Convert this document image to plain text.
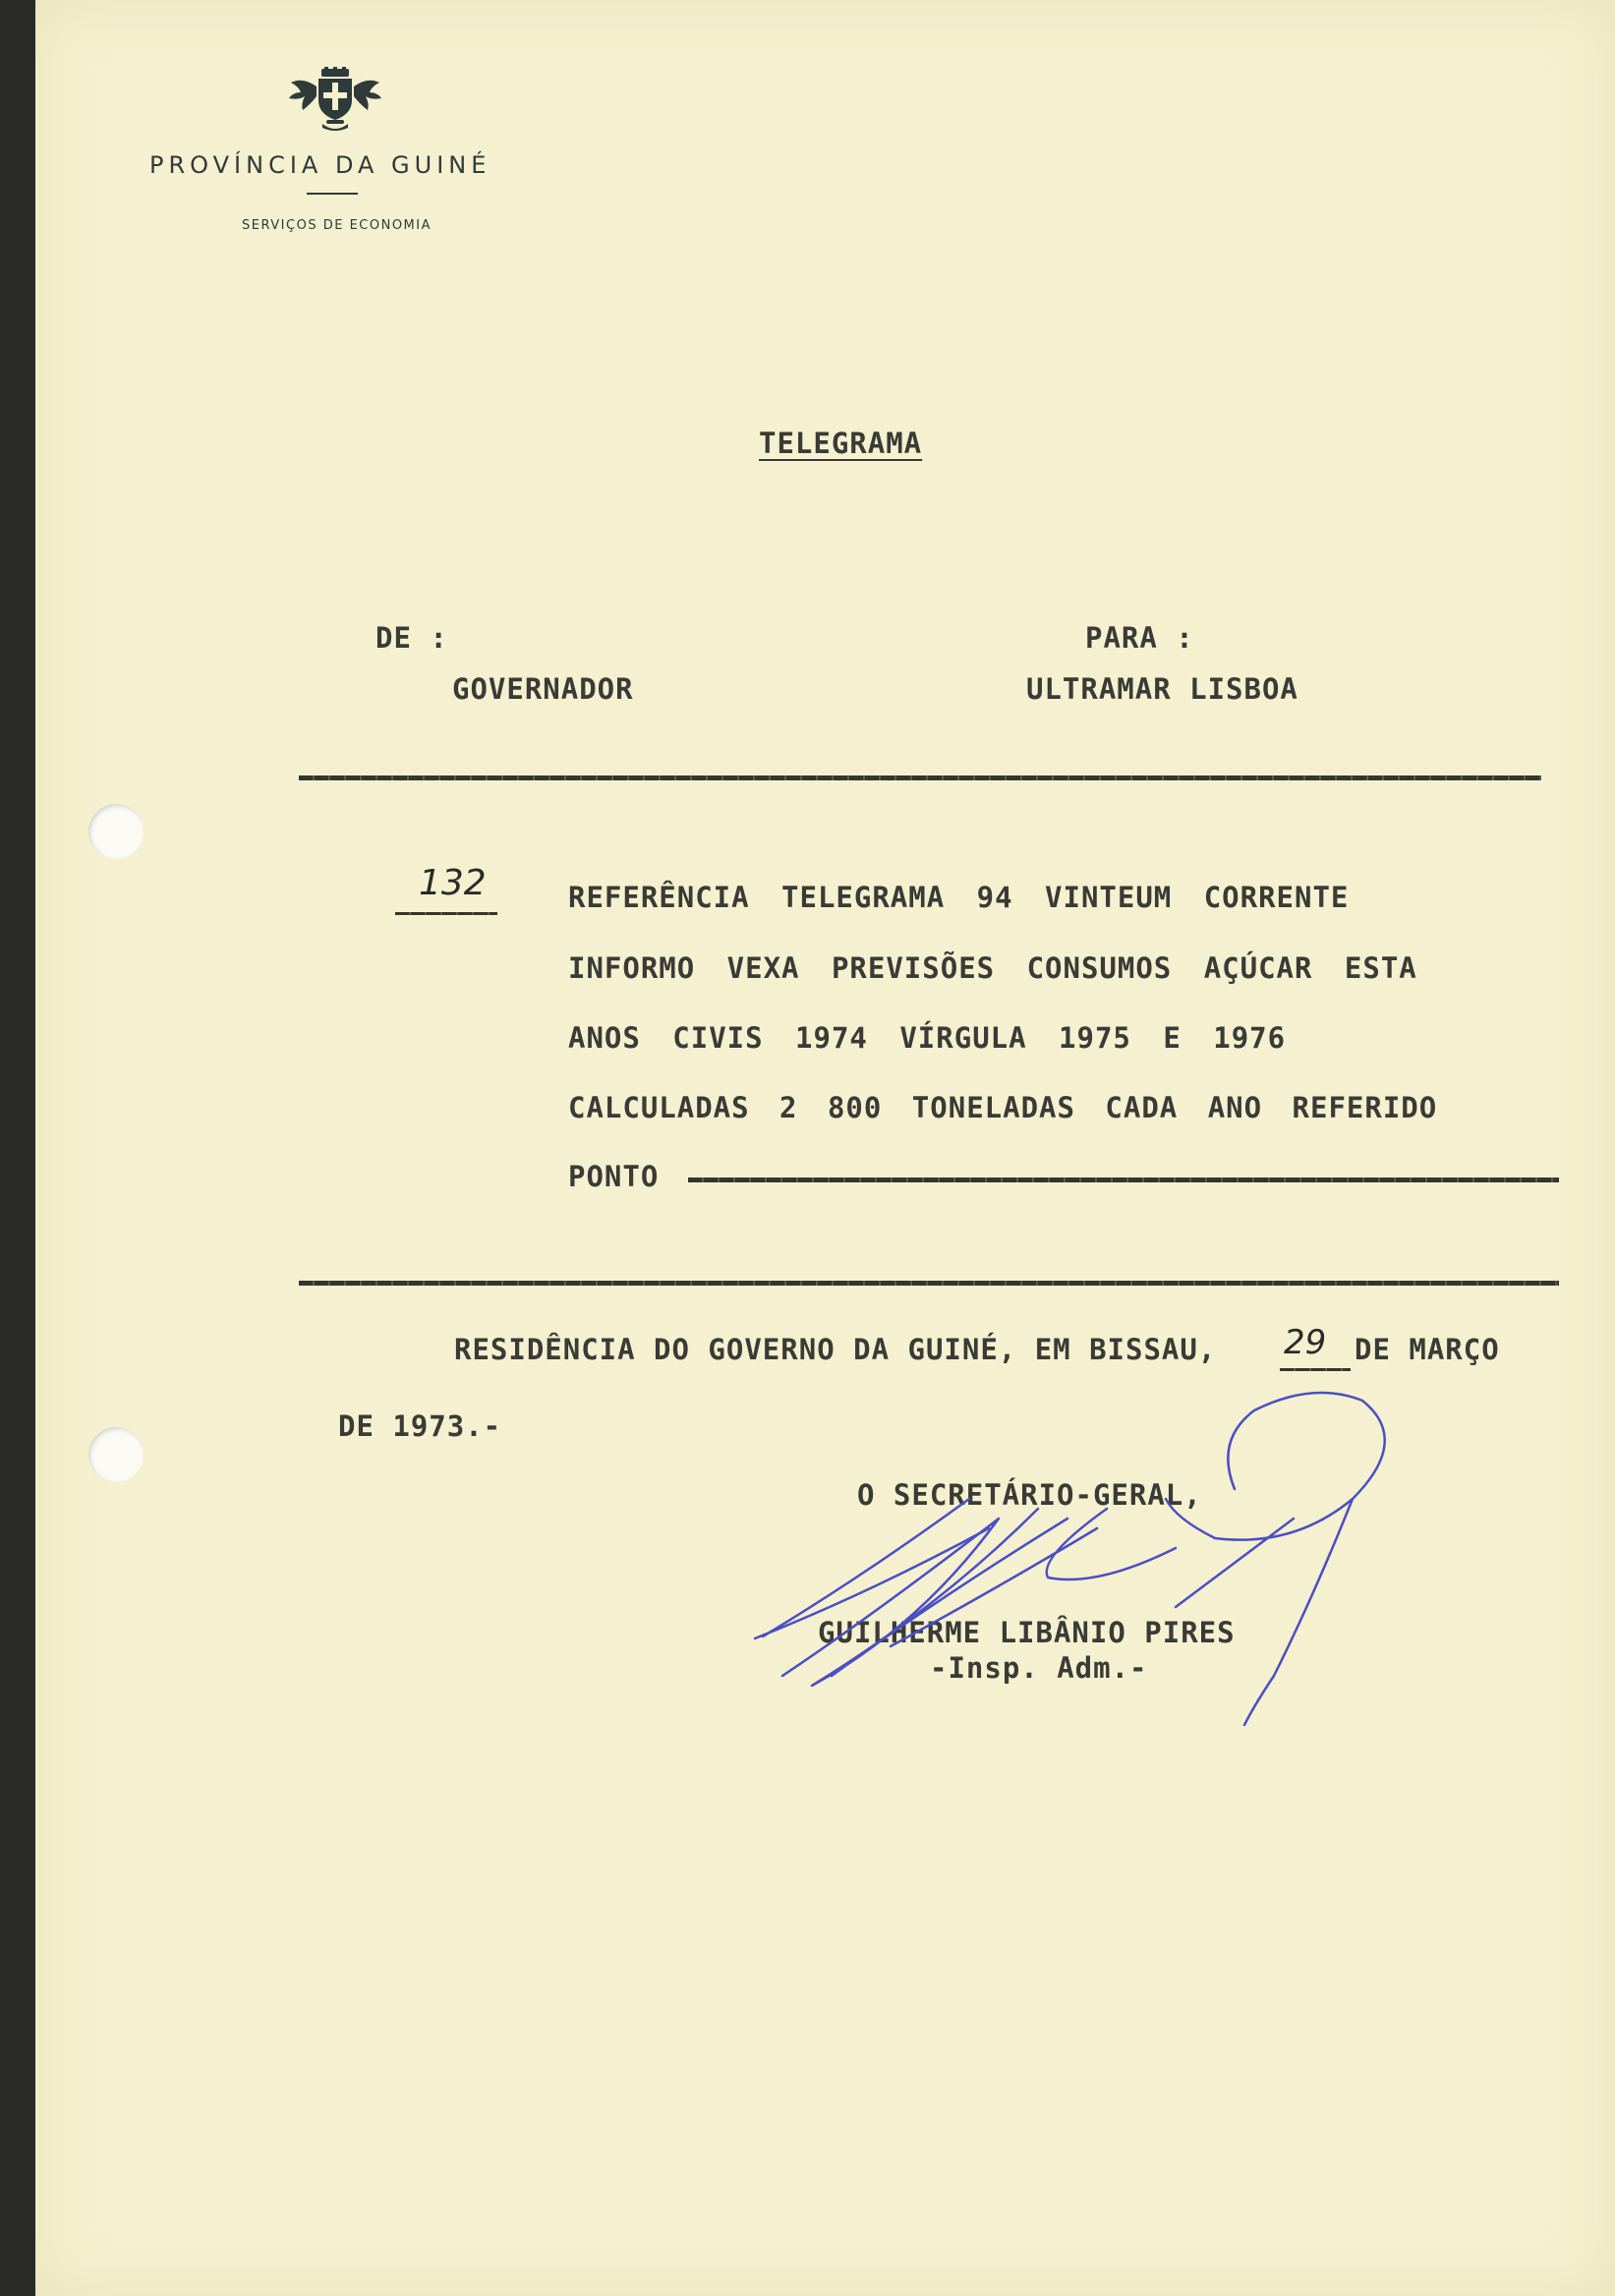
PROVÍNCIA DA GUINÉ
SERVIÇOS DE ECONOMIA
TELEGRAMA
DE :
GOVERNADOR
PARA :
ULTRAMAR LISBOA
132	REFERÊNCIA TELEGRAMA 94 VINTEUM CORRENTE
INFORMO VEXA PREVISÕES CONSUMOS AÇÚCAR ESTA
ANOS CIVIS 1974 VÍRGULA 1975 E 1976
CALCULADAS 2 800 TONELADAS CADA ANO REFERIDO
PONTO
RESIDÊNCIA DO GOVERNO DA GUINÉ, EM BISSAU, 29 DE MARÇO
DE 1973.-
O SECRETÁRIO-GERAL,
GUILHERME LIBÂNIO PIRES
-Insp. Adm.-
